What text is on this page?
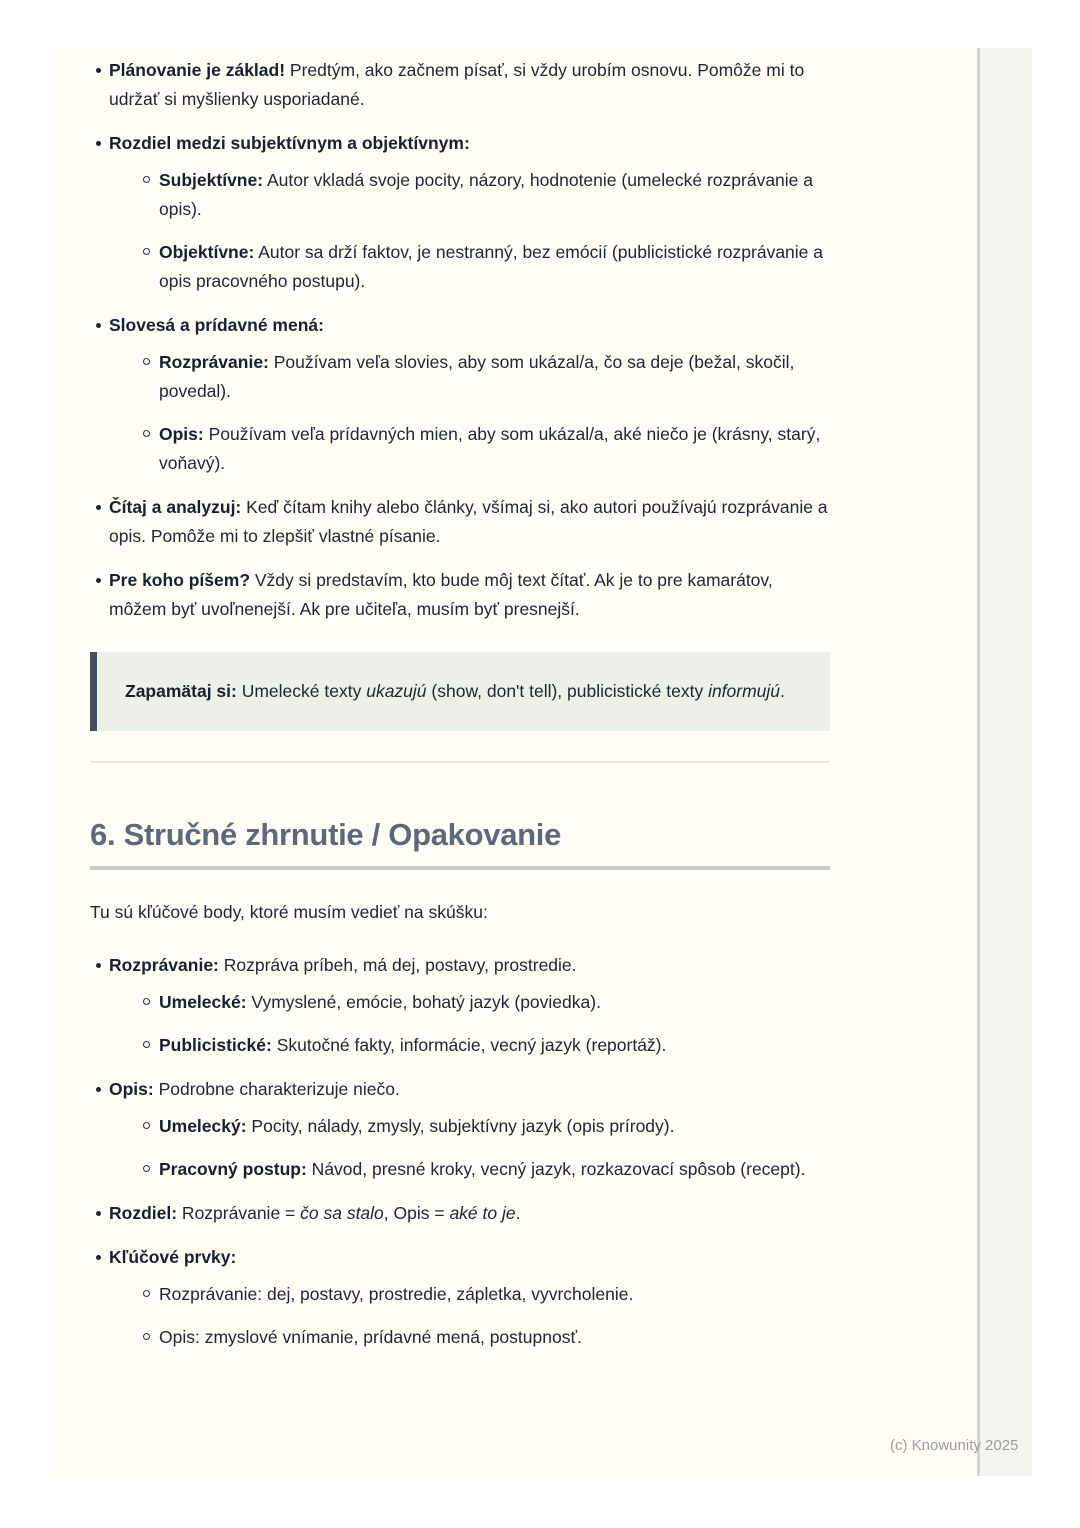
Plánovanie je základ! Predtým, ako začnem písať, si vždy urobím osnovu. Pomôže mi to udržať si myšlienky usporiadané.

Rozdiel medzi subjektívnym a objektívnym:

Subjektívne: Autor vkladá svoje pocity, názory, hodnotenie (umelecké rozprávanie a opis).

Objektívne: Autor sa drží faktov, je nestranný, bez emócií (publicistické rozprávanie a opis pracovného postupu).

Slovesá a prídavné mená:

Rozprávanie: Používam veľa slovies, aby som ukázal/a, čo sa deje (bežal, skočil, povedal).

Opis: Používam veľa prídavných mien, aby som ukázal/a, aké niečo je (krásny, starý, voňavý).

Čítaj a analyzuj: Keď čítam knihy alebo články, všímaj si, ako autori používajú rozprávanie a opis. Pomôže mi to zlepšiť vlastné písanie.

Pre koho píšem? Vždy si predstavím, kto bude môj text čítať. Ak je to pre kamarátov, môžem byť uvoľnenejší. Ak pre učiteľa, musím byť presnejší.

Zapamätaj si: Umelecké texty ukazujú (show, don't tell), publicistické texty informujú.
6. Stručné zhrnutie / Opakovanie

Tu sú kľúčové body, ktoré musím vedieť na skúšku:

Rozprávanie: Rozpráva príbeh, má dej, postavy, prostredie.

Umelecké: Vymyslené, emócie, bohatý jazyk (poviedka).

Publicistické: Skutočné fakty, informácie, vecný jazyk (reportáž).

Opis: Podrobne charakterizuje niečo.

Umelecký: Pocity, nálady, zmysly, subjektívny jazyk (opis prírody).

Pracovný postup: Návod, presné kroky, vecný jazyk, rozkazovací spôsob (recept).

Rozdiel: Rozprávanie = čo sa stalo, Opis = aké to je.

Kľúčové prvky:

Rozprávanie: dej, postavy, prostredie, zápletka, vyvrcholenie.

Opis: zmyslové vnímanie, prídavné mená, postupnosť.

(c) Knowunity 2025
